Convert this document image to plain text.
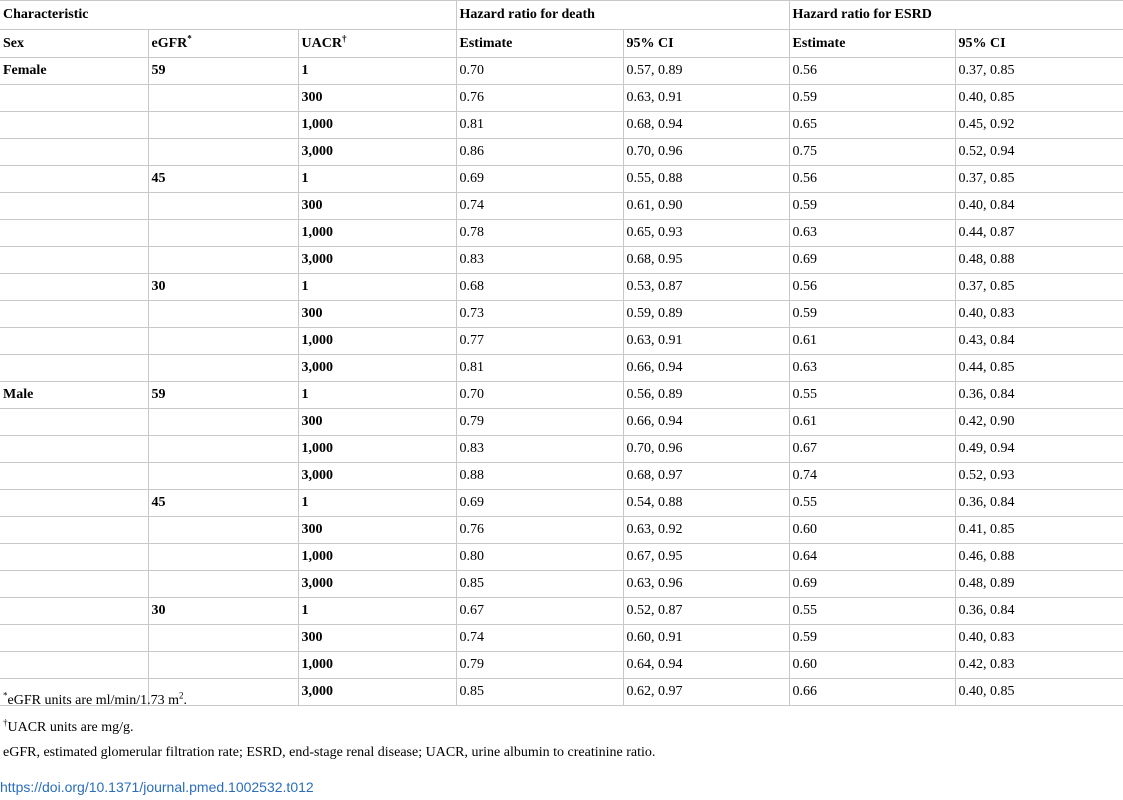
Characteristic			Hazard ratio for death		Hazard ratio for ESRD	
Sex	eGFR*	UACR†	Estimate	95% CI	Estimate	95% CI
Female	59	1	0.70	0.57, 0.89	0.56	0.37, 0.85
		300	0.76	0.63, 0.91	0.59	0.40, 0.85
		1,000	0.81	0.68, 0.94	0.65	0.45, 0.92
		3,000	0.86	0.70, 0.96	0.75	0.52, 0.94
	45	1	0.69	0.55, 0.88	0.56	0.37, 0.85
		300	0.74	0.61, 0.90	0.59	0.40, 0.84
		1,000	0.78	0.65, 0.93	0.63	0.44, 0.87
		3,000	0.83	0.68, 0.95	0.69	0.48, 0.88
	30	1	0.68	0.53, 0.87	0.56	0.37, 0.85
		300	0.73	0.59, 0.89	0.59	0.40, 0.83
		1,000	0.77	0.63, 0.91	0.61	0.43, 0.84
		3,000	0.81	0.66, 0.94	0.63	0.44, 0.85
Male	59	1	0.70	0.56, 0.89	0.55	0.36, 0.84
		300	0.79	0.66, 0.94	0.61	0.42, 0.90
		1,000	0.83	0.70, 0.96	0.67	0.49, 0.94
		3,000	0.88	0.68, 0.97	0.74	0.52, 0.93
	45	1	0.69	0.54, 0.88	0.55	0.36, 0.84
		300	0.76	0.63, 0.92	0.60	0.41, 0.85
		1,000	0.80	0.67, 0.95	0.64	0.46, 0.88
		3,000	0.85	0.63, 0.96	0.69	0.48, 0.89
	30	1	0.67	0.52, 0.87	0.55	0.36, 0.84
		300	0.74	0.60, 0.91	0.59	0.40, 0.83
		1,000	0.79	0.64, 0.94	0.60	0.42, 0.83
		3,000	0.85	0.62, 0.97	0.66	0.40, 0.85
*eGFR units are ml/min/1.73 $m^2$.
†UACR units are mg/g.
eGFR, estimated glomerular filtration rate; ESRD, end-stage renal disease; UACR, urine albumin to creatinine ratio.
https://doi.org/10.1371/journal.pmed.1002532.t012
